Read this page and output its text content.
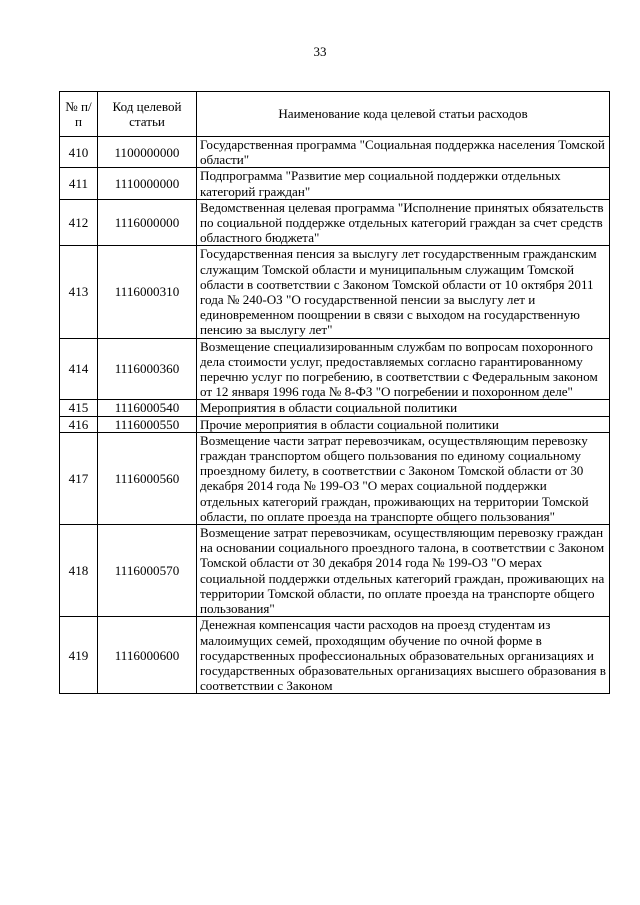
33
№ п/п	Код целевой статьи	Наименование кода целевой статьи расходов
410	1100000000	Государственная программа "Социальная поддержка населения Томской области"
411	1110000000	Подпрограмма "Развитие мер социальной поддержки отдельных категорий граждан"
412	1116000000	Ведомственная целевая программа "Исполнение принятых обязательств по социальной поддержке отдельных категорий граждан за счет средств областного бюджета"
413	1116000310	Государственная пенсия за выслугу лет государственным гражданским служащим Томской области и муниципальным служащим Томской области в соответствии с Законом Томской области от 10 октября 2011 года № 240-ОЗ "О государственной пенсии за выслугу лет и единовременном поощрении в связи с выходом на государственную пенсию за выслугу лет"
414	1116000360	Возмещение специализированным службам по вопросам похоронного дела стоимости услуг, предоставляемых согласно гарантированному перечню услуг по погребению, в соответствии с Федеральным законом от 12 января 1996 года № 8-ФЗ "О погребении и похоронном деле"
415	1116000540	Мероприятия в области социальной политики
416	1116000550	Прочие мероприятия в области социальной политики
417	1116000560	Возмещение части затрат перевозчикам, осуществляющим перевозку граждан транспортом общего пользования по единому социальному проездному билету, в соответствии с Законом Томской области от 30 декабря 2014 года № 199-ОЗ "О мерах социальной поддержки отдельных категорий граждан, проживающих на территории Томской области, по оплате проезда на транспорте общего пользования"
418	1116000570	Возмещение затрат перевозчикам, осуществляющим перевозку граждан на основании социального проездного талона, в соответствии с Законом Томской области от 30 декабря 2014 года № 199-ОЗ "О мерах социальной поддержки отдельных категорий граждан, проживающих на территории Томской области, по оплате проезда на транспорте общего пользования"
419	1116000600	Денежная компенсация части расходов на проезд студентам из малоимущих семей, проходящим обучение по очной форме в государственных профессиональных образовательных организациях и государственных образовательных организациях высшего образования в соответствии с Законом
